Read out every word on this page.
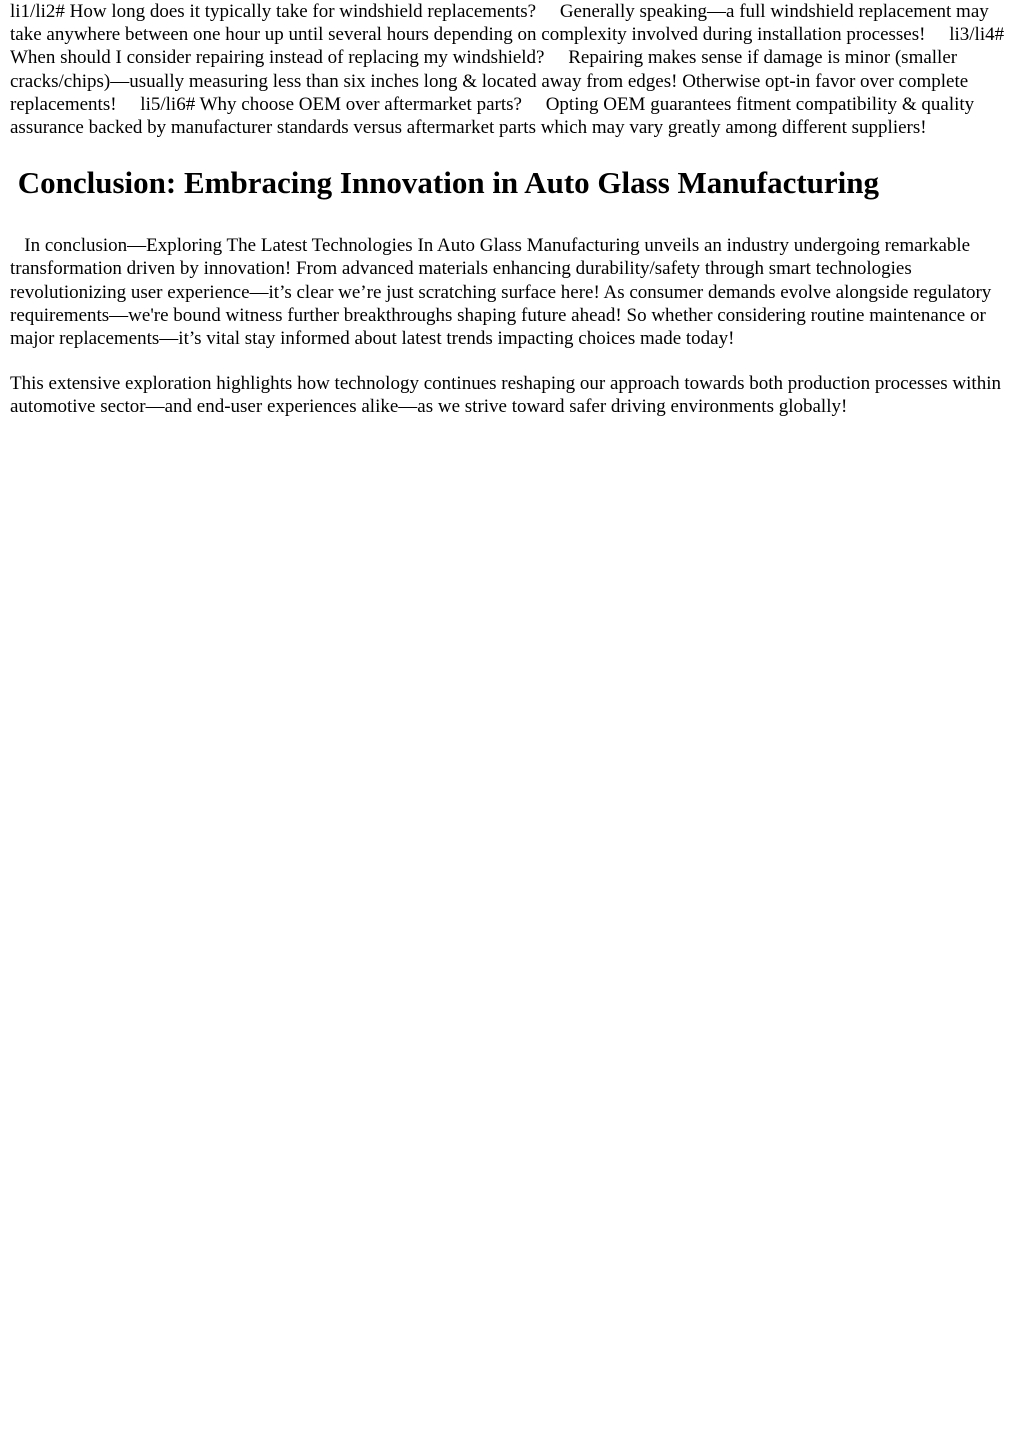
li1/li2# How long does it typically take for windshield replacements?     Generally speaking—a full windshield replacement may take anywhere between one hour up until several hours depending on complexity involved during installation processes!     li3/li4# When should I consider repairing instead of replacing my windshield?     Repairing makes sense if damage is minor (smaller cracks/chips)—usually measuring less than six inches long & located away from edges! Otherwise opt-in favor over complete replacements!     li5/li6# Why choose OEM over aftermarket parts?     Opting OEM guarantees fitment compatibility & quality assurance backed by manufacturer standards versus aftermarket parts which may vary greatly among different suppliers!

Conclusion: Embracing Innovation in Auto Glass Manufacturing

In conclusion—Exploring The Latest Technologies In Auto Glass Manufacturing unveils an industry undergoing remarkable transformation driven by innovation! From advanced materials enhancing durability/safety through smart technologies revolutionizing user experience—it’s clear we’re just scratching surface here! As consumer demands evolve alongside regulatory requirements—we're bound witness further breakthroughs shaping future ahead! So whether considering routine maintenance or major replacements—it’s vital stay informed about latest trends impacting choices made today!

This extensive exploration highlights how technology continues reshaping our approach towards both production processes within automotive sector—and end-user experiences alike—as we strive toward safer driving environments globally!
